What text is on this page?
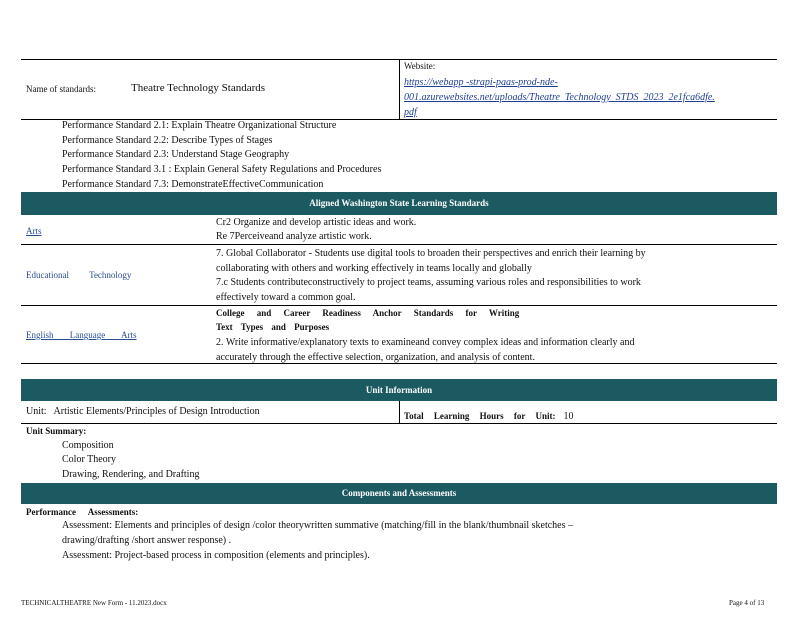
Name of standards:	Theatre Technology Standards
Website:
https://webapp -strapi-paas-prod-nde-
001.azurewebsites.net/uploads/Theatre_Technology_STDS_2023_2e1fca6dfe.
pdf
Performance Standard 2.1: Explain Theatre Organizational Structure
Performance Standard 2.2: Describe Types of Stages
Performance Standard 2.3: Understand Stage Geography
Performance Standard 3.1 : Explain General Safety Regulations and Procedures
Performance Standard 7.3: DemonstrateEffectiveCommunication
Aligned Washington State Learning Standards
Arts
Cr2 Organize and develop artistic ideas and work.
Re 7Perceiveand analyze artistic work.
Educational Technology
7. Global Collaborator - Students use digital tools to broaden their perspectives and enrich their learning by
collaborating with others and working effectively in teams locally and globally
7.c Students contributeconstructively to project teams, assuming various roles and responsibilities to work
effectively toward a common goal.
English Language Arts
College and Career Readiness Anchor Standards for Writing
Text Types and Purposes
2. Write informative/explanatory texts to examineand convey complex ideas and information clearly and
accurately through the effective selection, organization, and analysis of content.
Unit Information
Unit: Artistic Elements/Principles of Design Introduction	Total Learning Hours for Unit: 10
Unit Summary:
Composition
Color Theory
Drawing, Rendering, and Drafting
Components and Assessments
Performance Assessments:
Assessment: Elements and principles of design /color theorywritten summative (matching/fill in the blank/thumbnail sketches –
drawing/drafting /short answer response) .
Assessment: Project-based process in composition (elements and principles).
TECHNICALTHEATRE New Form - 11.2023.docx	Page 4 of 13
